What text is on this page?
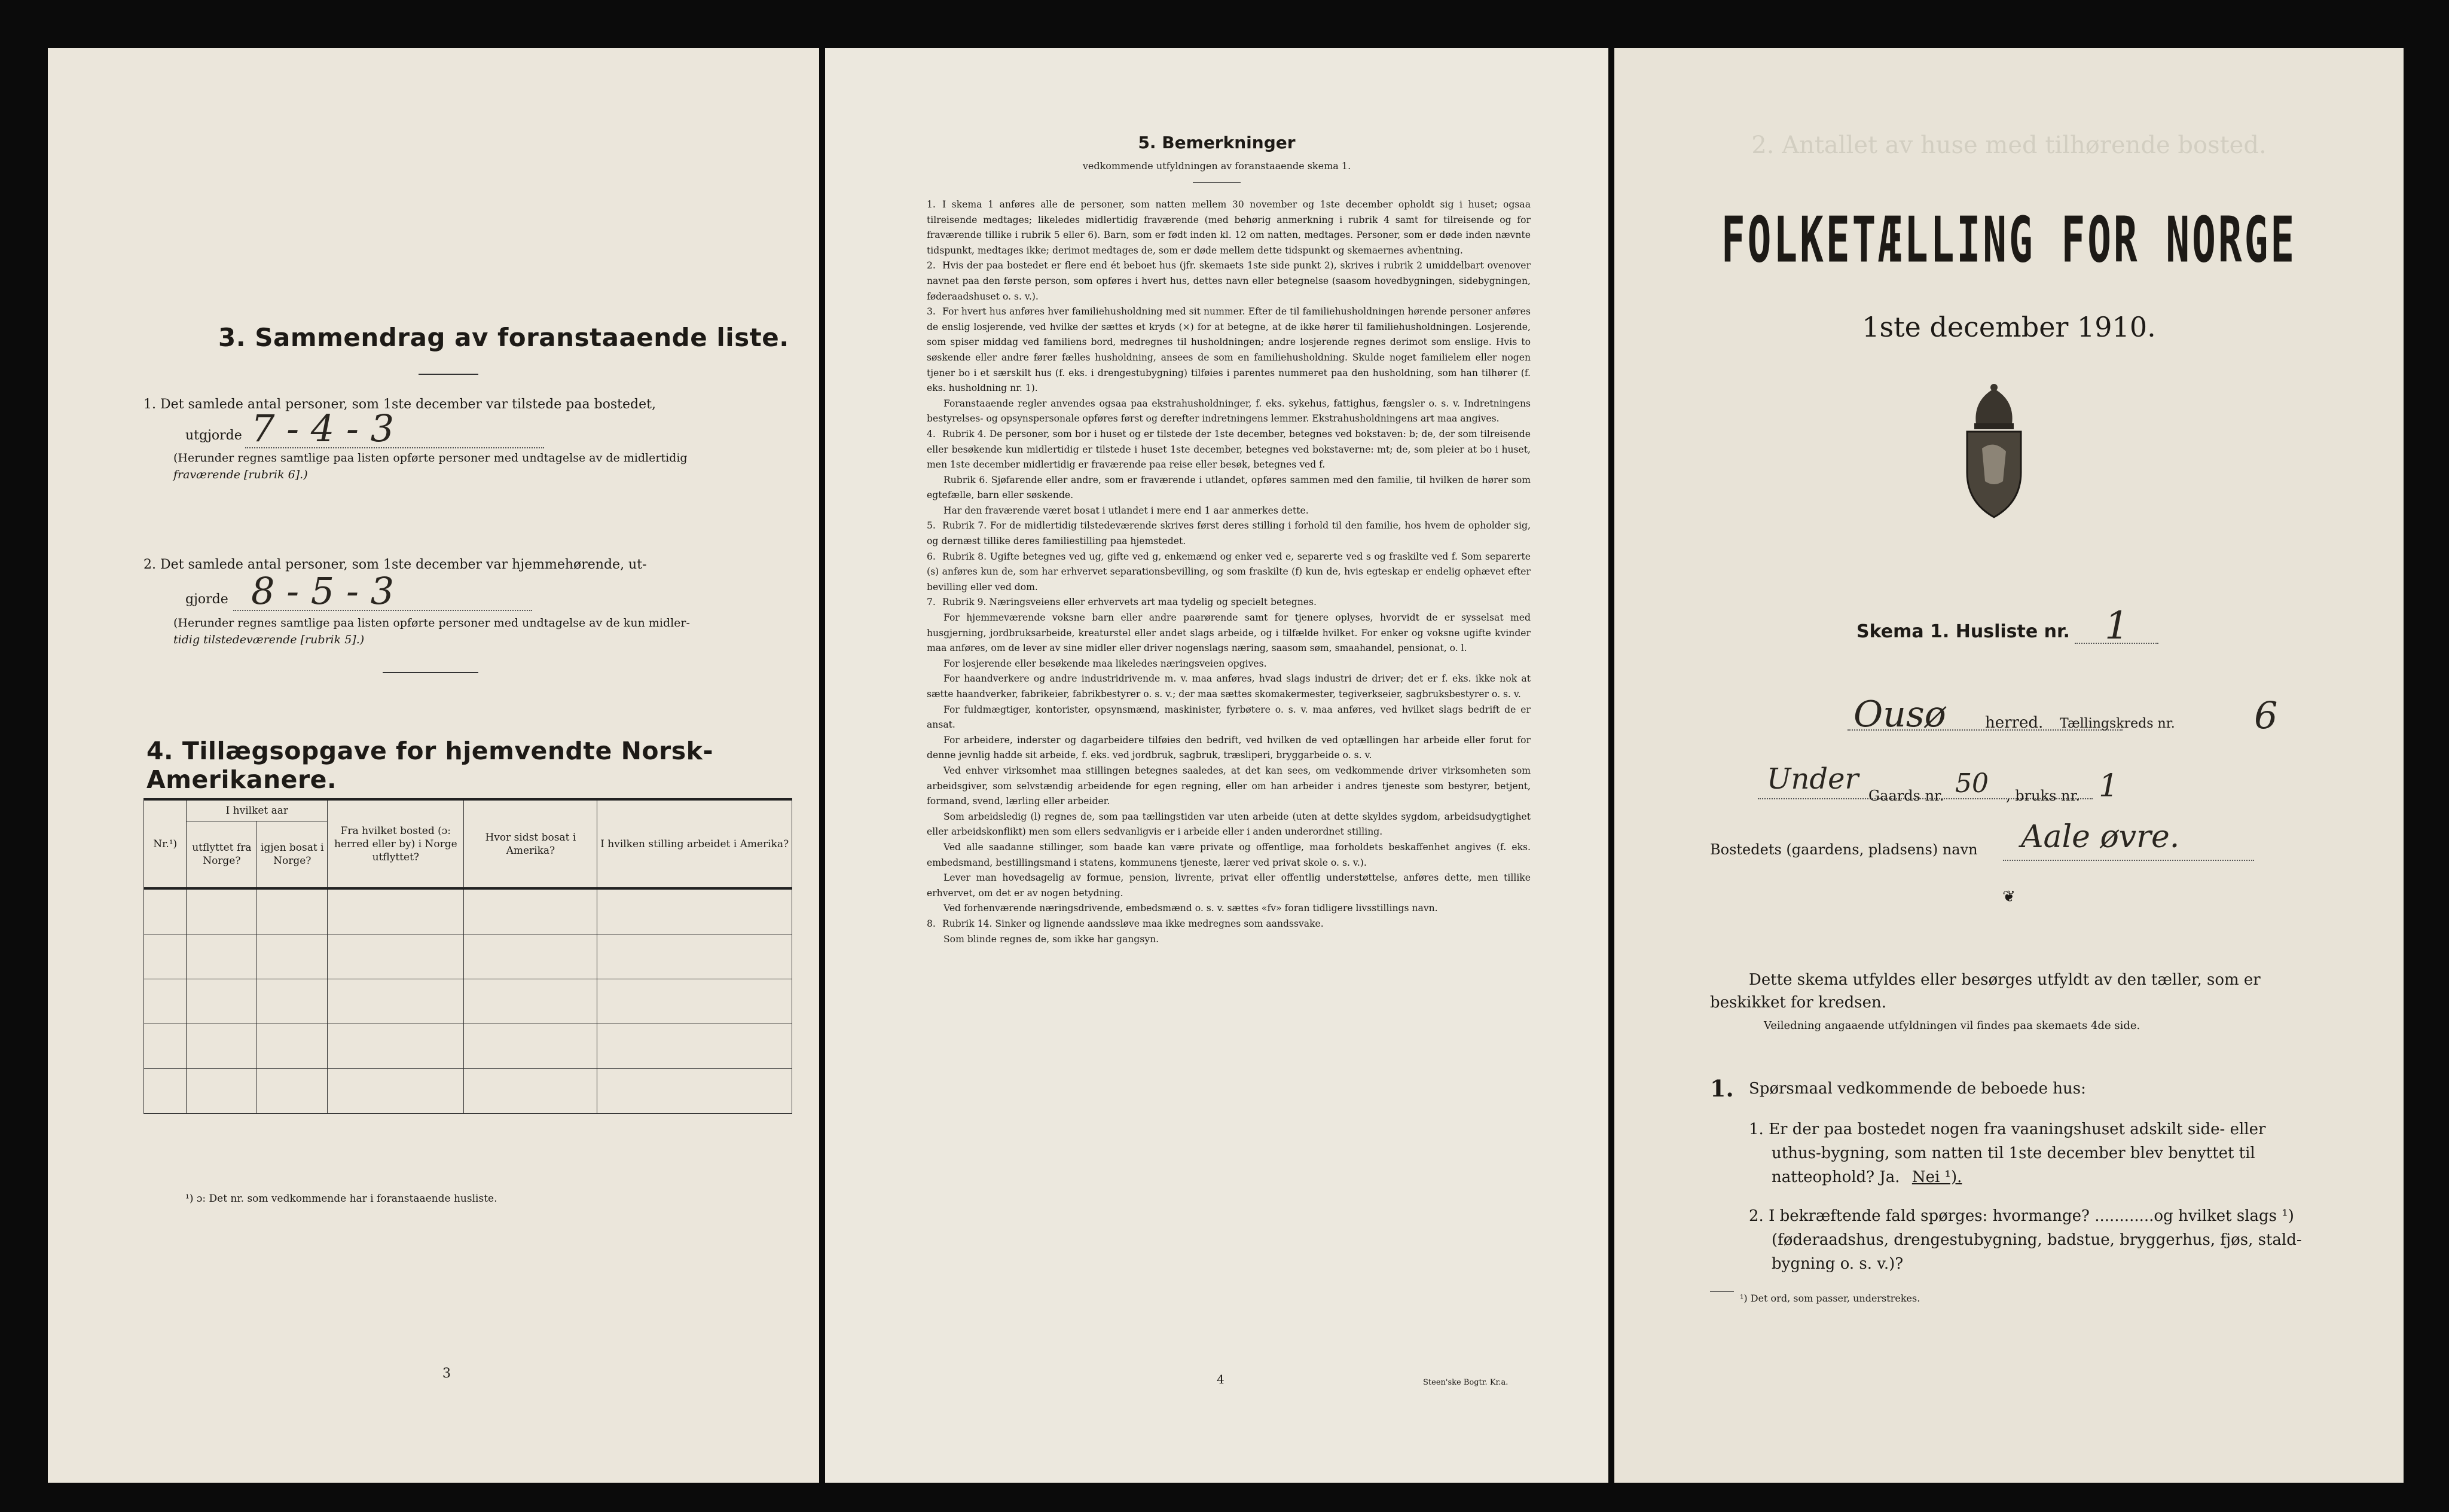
3. Sammendrag av foranstaaende liste.
1. Det samlede antal personer, som 1ste december var tilstede paa bostedet,
utgjorde 7 - 4 - 3
(Herunder regnes samtlige paa listen opførte personer med undtagelse av de midlertidig
fraværende [rubrik 6].)
2. Det samlede antal personer, som 1ste december var hjemmehørende, ut-
gjorde 8 - 5 - 3
(Herunder regnes samtlige paa listen opførte personer med undtagelse av de kun midler-
tidig tilstedeværende [rubrik 5].)
4. Tillægsopgave for hjemvendte Norsk-Amerikanere.
Nr.¹)	I hvilket aar		Fra hvilket bosted (ɔ: herred eller by) i Norge utflyttet?	Hvor sidst bosat i Amerika?	I hvilken stilling arbeidet i Amerika?
	utflyttet fra Norge?	igjen bosat i Norge?			

¹) ɔ: Det nr. som vedkommende har i foranstaaende husliste.
3
5. Bemerkninger
vedkommende utfyldningen av foranstaaende skema 1.

1. I skema 1 anføres alle de personer, som natten mellem 30 november og 1ste december opholdt sig i huset; ogsaa tilreisende medtages; likeledes midlertidig fraværende (med behørig anmerkning i rubrik 4 samt for tilreisende og for fraværende tillike i rubrik 5 eller 6). Barn, som er født inden kl. 12 om natten, medtages. Personer, som er døde inden nævnte tidspunkt, medtages ikke; derimot medtages de, som er døde mellem dette tidspunkt og skemaernes avhentning.

2. Hvis der paa bostedet er flere end ét beboet hus (jfr. skemaets 1ste side punkt 2), skrives i rubrik 2 umiddelbart ovenover navnet paa den første person, som opføres i hvert hus, dettes navn eller betegnelse (saasom hovedbygningen, sidebygningen, føderaadshuset o. s. v.).

3. For hvert hus anføres hver familiehusholdning med sit nummer. Efter de til familiehusholdningen hørende personer anføres de enslig losjerende, ved hvilke der sættes et kryds (×) for at betegne, at de ikke hører til familiehusholdningen. Losjerende, som spiser middag ved familiens bord, medregnes til husholdningen; andre losjerende regnes derimot som enslige. Hvis to søskende eller andre fører fælles husholdning, ansees de som en familiehusholdning. Skulde noget familielem eller nogen tjener bo i et særskilt hus (f. eks. i drengestubygning) tilføies i parentes nummeret paa den husholdning, som han tilhører (f. eks. husholdning nr. 1).

Foranstaaende regler anvendes ogsaa paa ekstrahusholdninger, f. eks. sykehus, fattighus, fængsler o. s. v. Indretningens bestyrelses- og opsynspersonale opføres først og derefter indretningens lemmer. Ekstrahusholdningens art maa angives.

4. Rubrik 4. De personer, som bor i huset og er tilstede der 1ste december, betegnes ved bokstaven: b; de, der som tilreisende eller besøkende kun midlertidig er tilstede i huset 1ste december, betegnes ved bokstaverne: mt; de, som pleier at bo i huset, men 1ste december midlertidig er fraværende paa reise eller besøk, betegnes ved f.

Rubrik 6. Sjøfarende eller andre, som er fraværende i utlandet, opføres sammen med den familie, til hvilken de hører som egtefælle, barn eller søskende.

Har den fraværende været bosat i utlandet i mere end 1 aar anmerkes dette.

5. Rubrik 7. For de midlertidig tilstedeværende skrives først deres stilling i forhold til den familie, hos hvem de opholder sig, og dernæst tillike deres familiestilling paa hjemstedet.

6. Rubrik 8. Ugifte betegnes ved ug, gifte ved g, enkemænd og enker ved e, separerte ved s og fraskilte ved f. Som separerte (s) anføres kun de, som har erhvervet separationsbevilling, og som fraskilte (f) kun de, hvis egteskap er endelig ophævet efter bevilling eller ved dom.

7. Rubrik 9. Næringsveiens eller erhvervets art maa tydelig og specielt betegnes.

For hjemmeværende voksne barn eller andre paarørende samt for tjenere oplyses, hvorvidt de er sysselsat med husgjerning, jordbruksarbeide, kreaturstel eller andet slags arbeide, og i tilfælde hvilket. For enker og voksne ugifte kvinder maa anføres, om de lever av sine midler eller driver nogenslags næring, saasom søm, smaahandel, pensionat, o. l.

For losjerende eller besøkende maa likeledes næringsveien opgives.

For haandverkere og andre industridrivende m. v. maa anføres, hvad slags industri de driver; det er f. eks. ikke nok at sætte haandverker, fabrikeier, fabrikbestyrer o. s. v.; der maa sættes skomakermester, tegiverkseier, sagbruksbestyrer o. s. v.

For fuldmægtiger, kontorister, opsynsmænd, maskinister, fyrbøtere o. s. v. maa anføres, ved hvilket slags bedrift de er ansat.

For arbeidere, inderster og dagarbeidere tilføies den bedrift, ved hvilken de ved optællingen har arbeide eller forut for denne jevnlig hadde sit arbeide, f. eks. ved jordbruk, sagbruk, træsliperi, bryggarbeide o. s. v.

Ved enhver virksomhet maa stillingen betegnes saaledes, at det kan sees, om vedkommende driver virksomheten som arbeidsgiver, som selvstændig arbeidende for egen regning, eller om han arbeider i andres tjeneste som bestyrer, betjent, formand, svend, lærling eller arbeider.

Som arbeidsledig (l) regnes de, som paa tællingstiden var uten arbeide (uten at dette skyldes sygdom, arbeidsudygtighet eller arbeidskonflikt) men som ellers sedvanligvis er i arbeide eller i anden underordnet stilling.

Ved alle saadanne stillinger, som baade kan være private og offentlige, maa forholdets beskaffenhet angives (f. eks. embedsmand, bestillingsmand i statens, kommunens tjeneste, lærer ved privat skole o. s. v.).

Lever man hovedsagelig av formue, pension, livrente, privat eller offentlig understøttelse, anføres dette, men tillike erhvervet, om det er av nogen betydning.

Ved forhenværende næringsdrivende, embedsmænd o. s. v. sættes «fv» foran tidligere livsstillings navn.

8. Rubrik 14. Sinker og lignende aandssløve maa ikke medregnes som aandssvake.

Som blinde regnes de, som ikke har gangsyn.

4	Steen'ske Bogtr. Kr.a.
2. Antallet av huse med tilhørende bosted.
FOLKETÆLLING FOR NORGE
1ste december 1910.
Skema 1. Husliste nr. 1
Ousø	herred. Tællingskreds nr. 6
Under Gaards nr. 50 , bruks nr. 1
Bostedets (gaardens, pladsens) navn Aale øvre.
❦
Dette skema utfyldes eller besørges utfyldt av den tæller, som er
beskikket for kredsen.
Veiledning angaaende utfyldningen vil findes paa skemaets 4de side.
1. Spørsmaal vedkommende de beboede hus:
1. Er der paa bostedet nogen fra vaaningshuset adskilt side- eller
uthus-bygning, som natten til 1ste december blev benyttet til
natteophold? Ja. Nei ¹).
2. I bekræftende fald spørges: hvormange? ............og hvilket slags ¹)
(føderaadshus, drengestubygning, badstue, bryggerhus, fjøs, stald-
bygning o. s. v.)?
¹) Det ord, som passer, understrekes.
